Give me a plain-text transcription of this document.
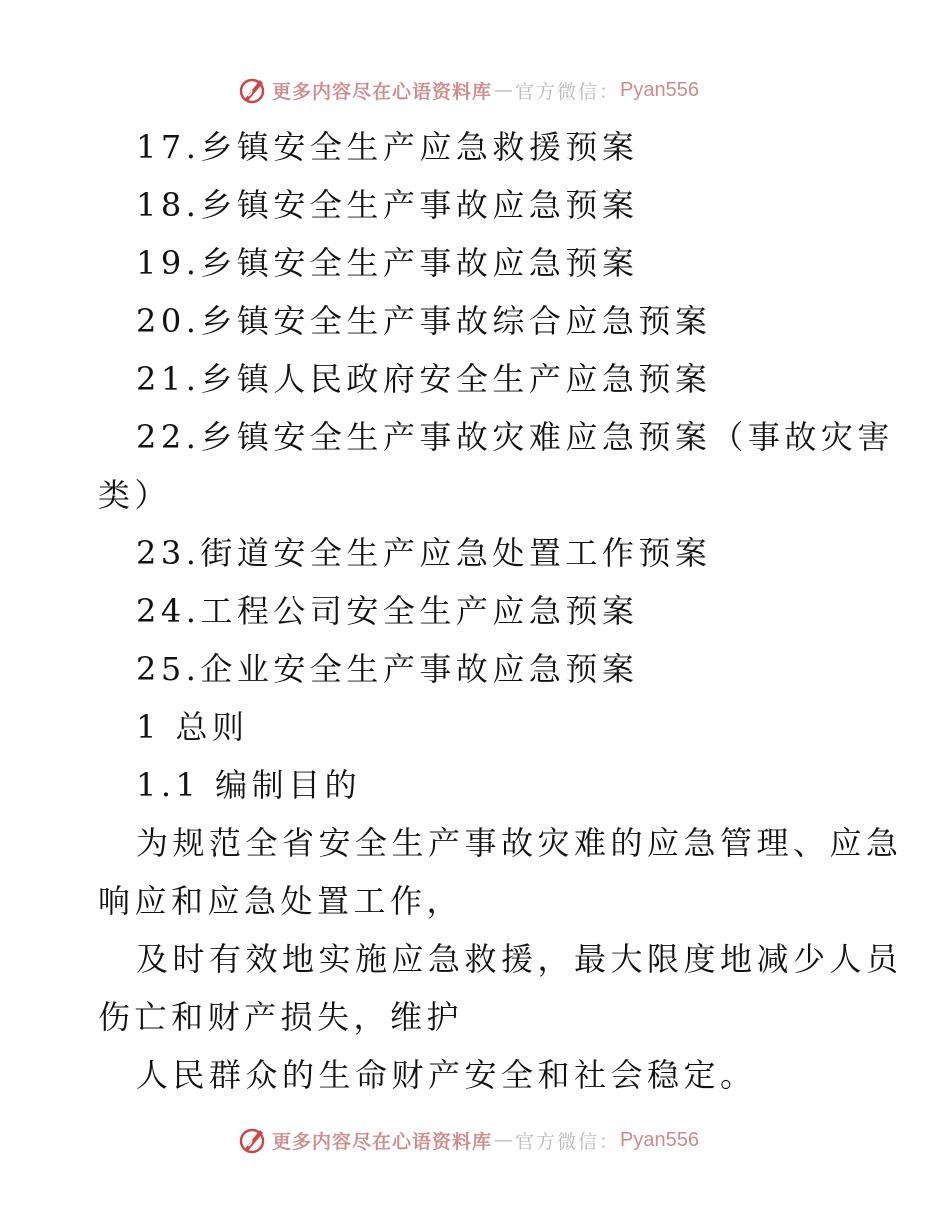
更多内容尽在心语资料库 — 官方微信： Pyan556
17.乡镇安全生产应急救援预案
18.乡镇安全生产事故应急预案
19.乡镇安全生产事故应急预案
20.乡镇安全生产事故综合应急预案
21.乡镇人民政府安全生产应急预案
22.乡镇安全生产事故灾难应急预案（事故灾害
类）
23.街道安全生产应急处置工作预案
24.工程公司安全生产应急预案
25.企业安全生产事故应急预案
1 总则
1.1 编制目的
为规范全省安全生产事故灾难的应急管理、应急
响应和应急处置工作，
及时有效地实施应急救援，最大限度地减少人员
伤亡和财产损失，维护
人民群众的生命财产安全和社会稳定。
更多内容尽在心语资料库 — 官方微信： Pyan556
